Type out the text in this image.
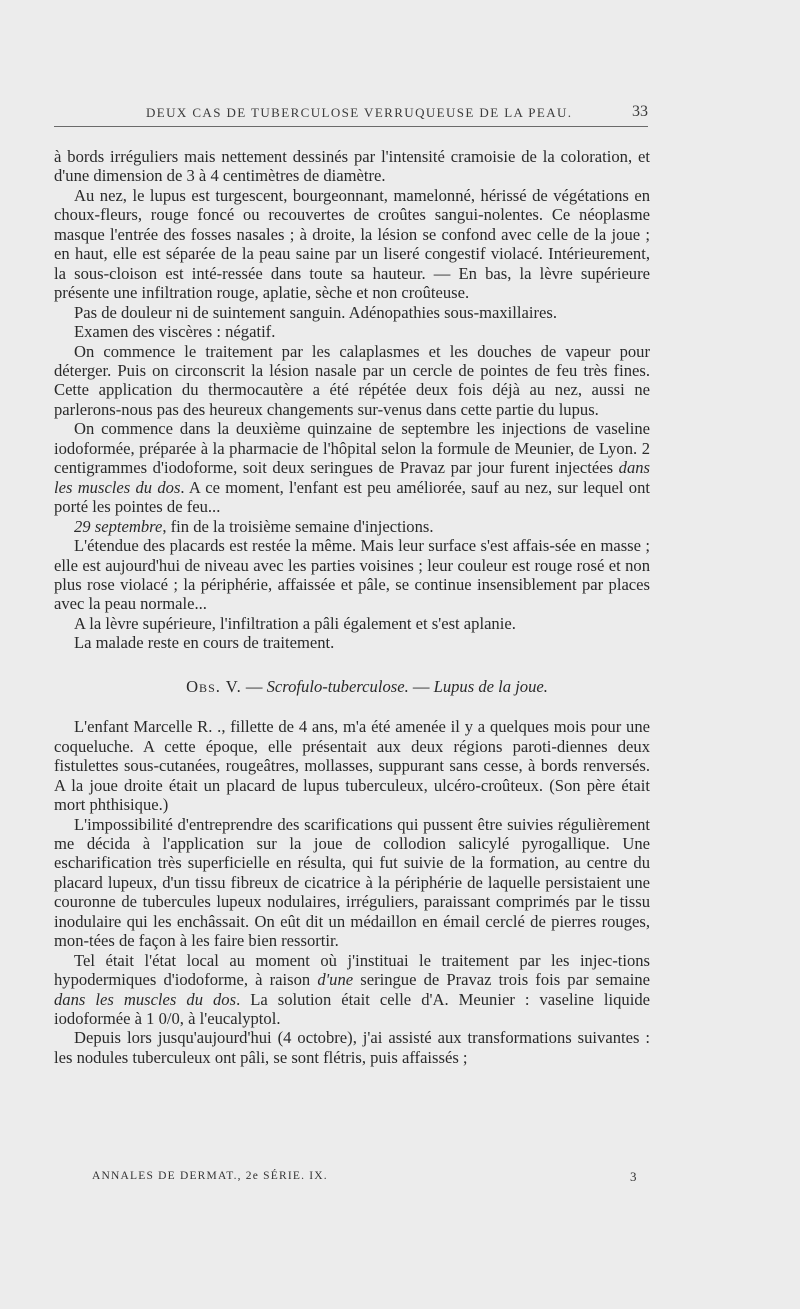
DEUX CAS DE TUBERCULOSE VERRUQUEUSE DE LA PEAU.	33

à bords irréguliers mais nettement dessinés par l'intensité cramoisie de la coloration, et d'une dimension de 3 à 4 centimètres de diamètre.

Au nez, le lupus est turgescent, bourgeonnant, mamelonné, hérissé de végétations en choux-fleurs, rouge foncé ou recouvertes de croûtes sangui-nolentes. Ce néoplasme masque l'entrée des fosses nasales ; à droite, la lésion se confond avec celle de la joue ; en haut, elle est séparée de la peau saine par un liseré congestif violacé. Intérieurement, la sous-cloison est inté-ressée dans toute sa hauteur. — En bas, la lèvre supérieure présente une infiltration rouge, aplatie, sèche et non croûteuse.

Pas de douleur ni de suintement sanguin. Adénopathies sous-maxillaires.

Examen des viscères : négatif.

On commence le traitement par les calaplasmes et les douches de vapeur pour déterger. Puis on circonscrit la lésion nasale par un cercle de pointes de feu très fines. Cette application du thermocautère a été répétée deux fois déjà au nez, aussi ne parlerons-nous pas des heureux changements sur-venus dans cette partie du lupus.

On commence dans la deuxième quinzaine de septembre les injections de vaseline iodoformée, préparée à la pharmacie de l'hôpital selon la formule de Meunier, de Lyon. 2 centigrammes d'iodoforme, soit deux seringues de Pravaz par jour furent injectées dans les muscles du dos. A ce moment, l'enfant est peu améliorée, sauf au nez, sur lequel ont porté les pointes de feu...

29 septembre, fin de la troisième semaine d'injections.

L'étendue des placards est restée la même. Mais leur surface s'est affais-sée en masse ; elle est aujourd'hui de niveau avec les parties voisines ; leur couleur est rouge rosé et non plus rose violacé ; la périphérie, affaissée et pâle, se continue insensiblement par places avec la peau normale...

A la lèvre supérieure, l'infiltration a pâli également et s'est aplanie.

La malade reste en cours de traitement.

Obs. V. — Scrofulo-tuberculose. — Lupus de la joue.

L'enfant Marcelle R. ., fillette de 4 ans, m'a été amenée il y a quelques mois pour une coqueluche. A cette époque, elle présentait aux deux régions paroti-diennes deux fistulettes sous-cutanées, rougeâtres, mollasses, suppurant sans cesse, à bords renversés. A la joue droite était un placard de lupus tuberculeux, ulcéro-croûteux. (Son père était mort phthisique.)

L'impossibilité d'entreprendre des scarifications qui pussent être suivies régulièrement me décida à l'application sur la joue de collodion salicylé pyrogallique. Une escharification très superficielle en résulta, qui fut suivie de la formation, au centre du placard lupeux, d'un tissu fibreux de cicatrice à la périphérie de laquelle persistaient une couronne de tubercules lupeux nodulaires, irréguliers, paraissant comprimés par le tissu inodulaire qui les enchâssait. On eût dit un médaillon en émail cerclé de pierres rouges, mon-tées de façon à les faire bien ressortir.

Tel était l'état local au moment où j'instituai le traitement par les injec-tions hypodermiques d'iodoforme, à raison d'une seringue de Pravaz trois fois par semaine dans les muscles du dos. La solution était celle d'A. Meunier : vaseline liquide iodoformée à 1 0/0, à l'eucalyptol.

Depuis lors jusqu'aujourd'hui (4 octobre), j'ai assisté aux transformations suivantes : les nodules tuberculeux ont pâli, se sont flétris, puis affaissés ;

ANNALES DE DERMAT., 2e SÉRIE. IX.	3
